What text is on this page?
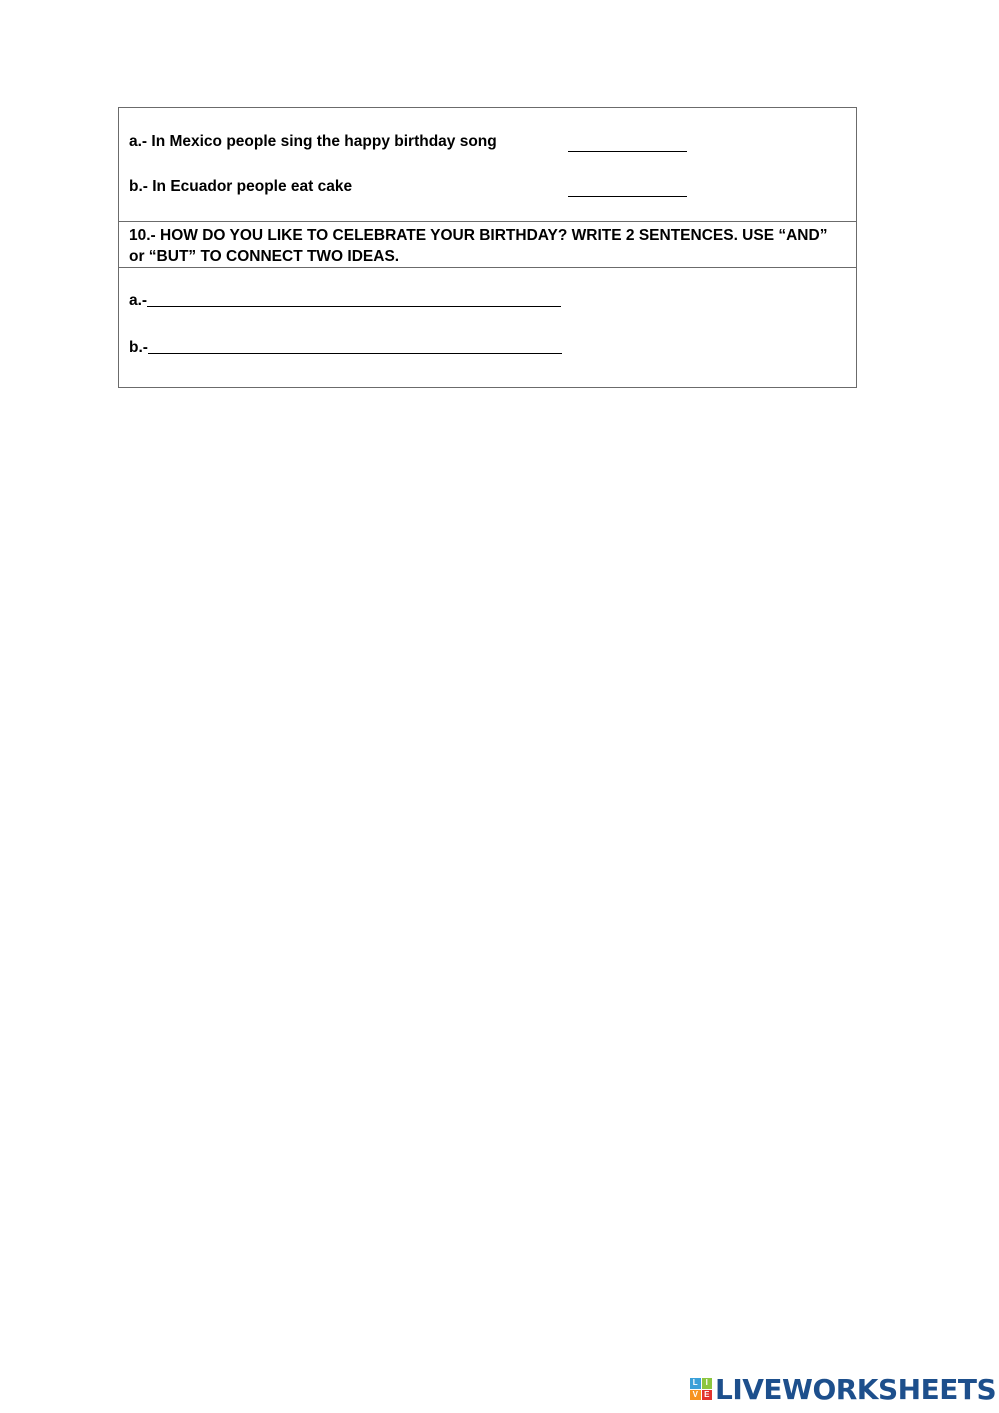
a.- In Mexico people sing the happy birthday song
b.- In Ecuador people eat cake
10.- HOW DO YOU LIKE TO CELEBRATE YOUR BIRTHDAY? WRITE 2 SENTENCES. USE “AND” or “BUT” TO CONNECT TWO IDEAS.
a.-
b.-
L I
V E LIVEWORKSHEETS
